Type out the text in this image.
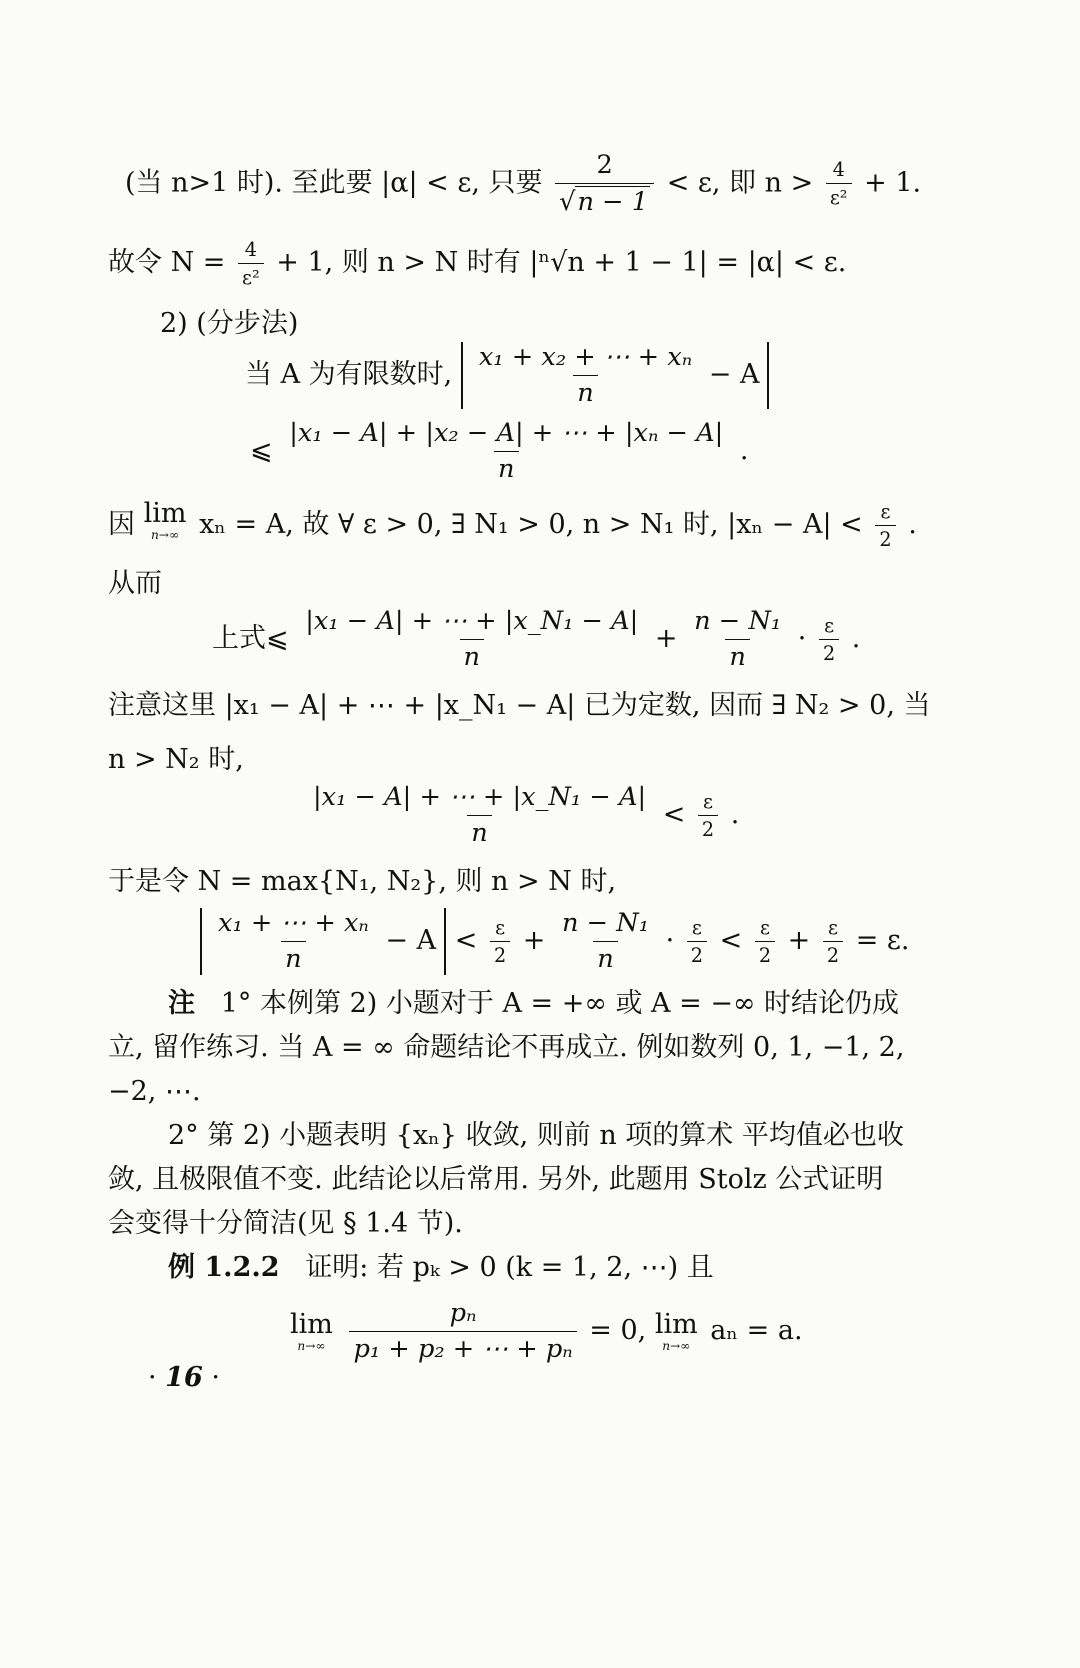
(当 n>1 时). 至此要 |α| < ε, 只要 $\frac{2}{√n - 1} < \varepsilon$, 即 $n > \frac{4}{\text{ε²}} + 1$.
故令 $N = \frac{4}{\text{ε²}} + 1$, 则 n > N 时有 |ⁿ√n + 1 − 1| = |α| < ε.
2) (分步法)
当 A 为有限数时, $\frac{\text{x₁ + x₂ + ⋯ + xₙ}}{n} - A$
⩽ $\frac{\text{|x₁ − A| + |x₂ − A| + ⋯ + |xₙ − A|}}{n}$ .
因 lim
n→∞ xₙ = A, 故 ∀ ε > 0, ∃ N₁ > 0, n > N₁ 时, $|x_n - A| < \frac{\varepsilon}{2}$ .
从而
上式⩽ $\frac{\text{|x₁ − A| + ⋯ + |x\_N₁ − A|}}{n} + \frac{\text{n − N₁}}{n} \cdot \frac{\varepsilon}{2}$ .
注意这里 |x₁ − A| + ⋯ + |x_N₁ − A| 已为定数, 因而 ∃ N₂ > 0, 当
n > N₂ 时,
$\frac{\text{|x₁ − A| + ⋯ + |x\_N₁ − A|}}{n} < \frac{\varepsilon}{2}$ .
于是令 N = max{N₁, N₂}, 则 n > N 时,
$\frac{\text{x₁ + ⋯ + xₙ}}{n} - A < \frac{\varepsilon}{2} + \frac{\text{n − N₁}}{n} \cdot \frac{\varepsilon}{2} < \frac{\varepsilon}{2} + \frac{\varepsilon}{2} = \varepsilon$.
注 1° 本例第 2) 小题对于 A = +∞ 或 A = −∞ 时结论仍成
立, 留作练习. 当 A = ∞ 命题结论不再成立. 例如数列 0, 1, −1, 2,
−2, ⋯.
2° 第 2) 小题表明 {xₙ} 收敛, 则前 n 项的算术 平均值必也收
敛, 且极限值不变. 此结论以后常用. 另外, 此题用 Stolz 公式证明
会变得十分简洁(见 § 1.4 节).
例 1.2.2 证明: 若 pₖ > 0 (k = 1, 2, ⋯) 且
lim
n→∞
$\frac{\text{pₙ}}{\text{p₁ + p₂ + ⋯ + pₙ}} = 0$, lim
n→∞ aₙ = a.
· 16 ·
